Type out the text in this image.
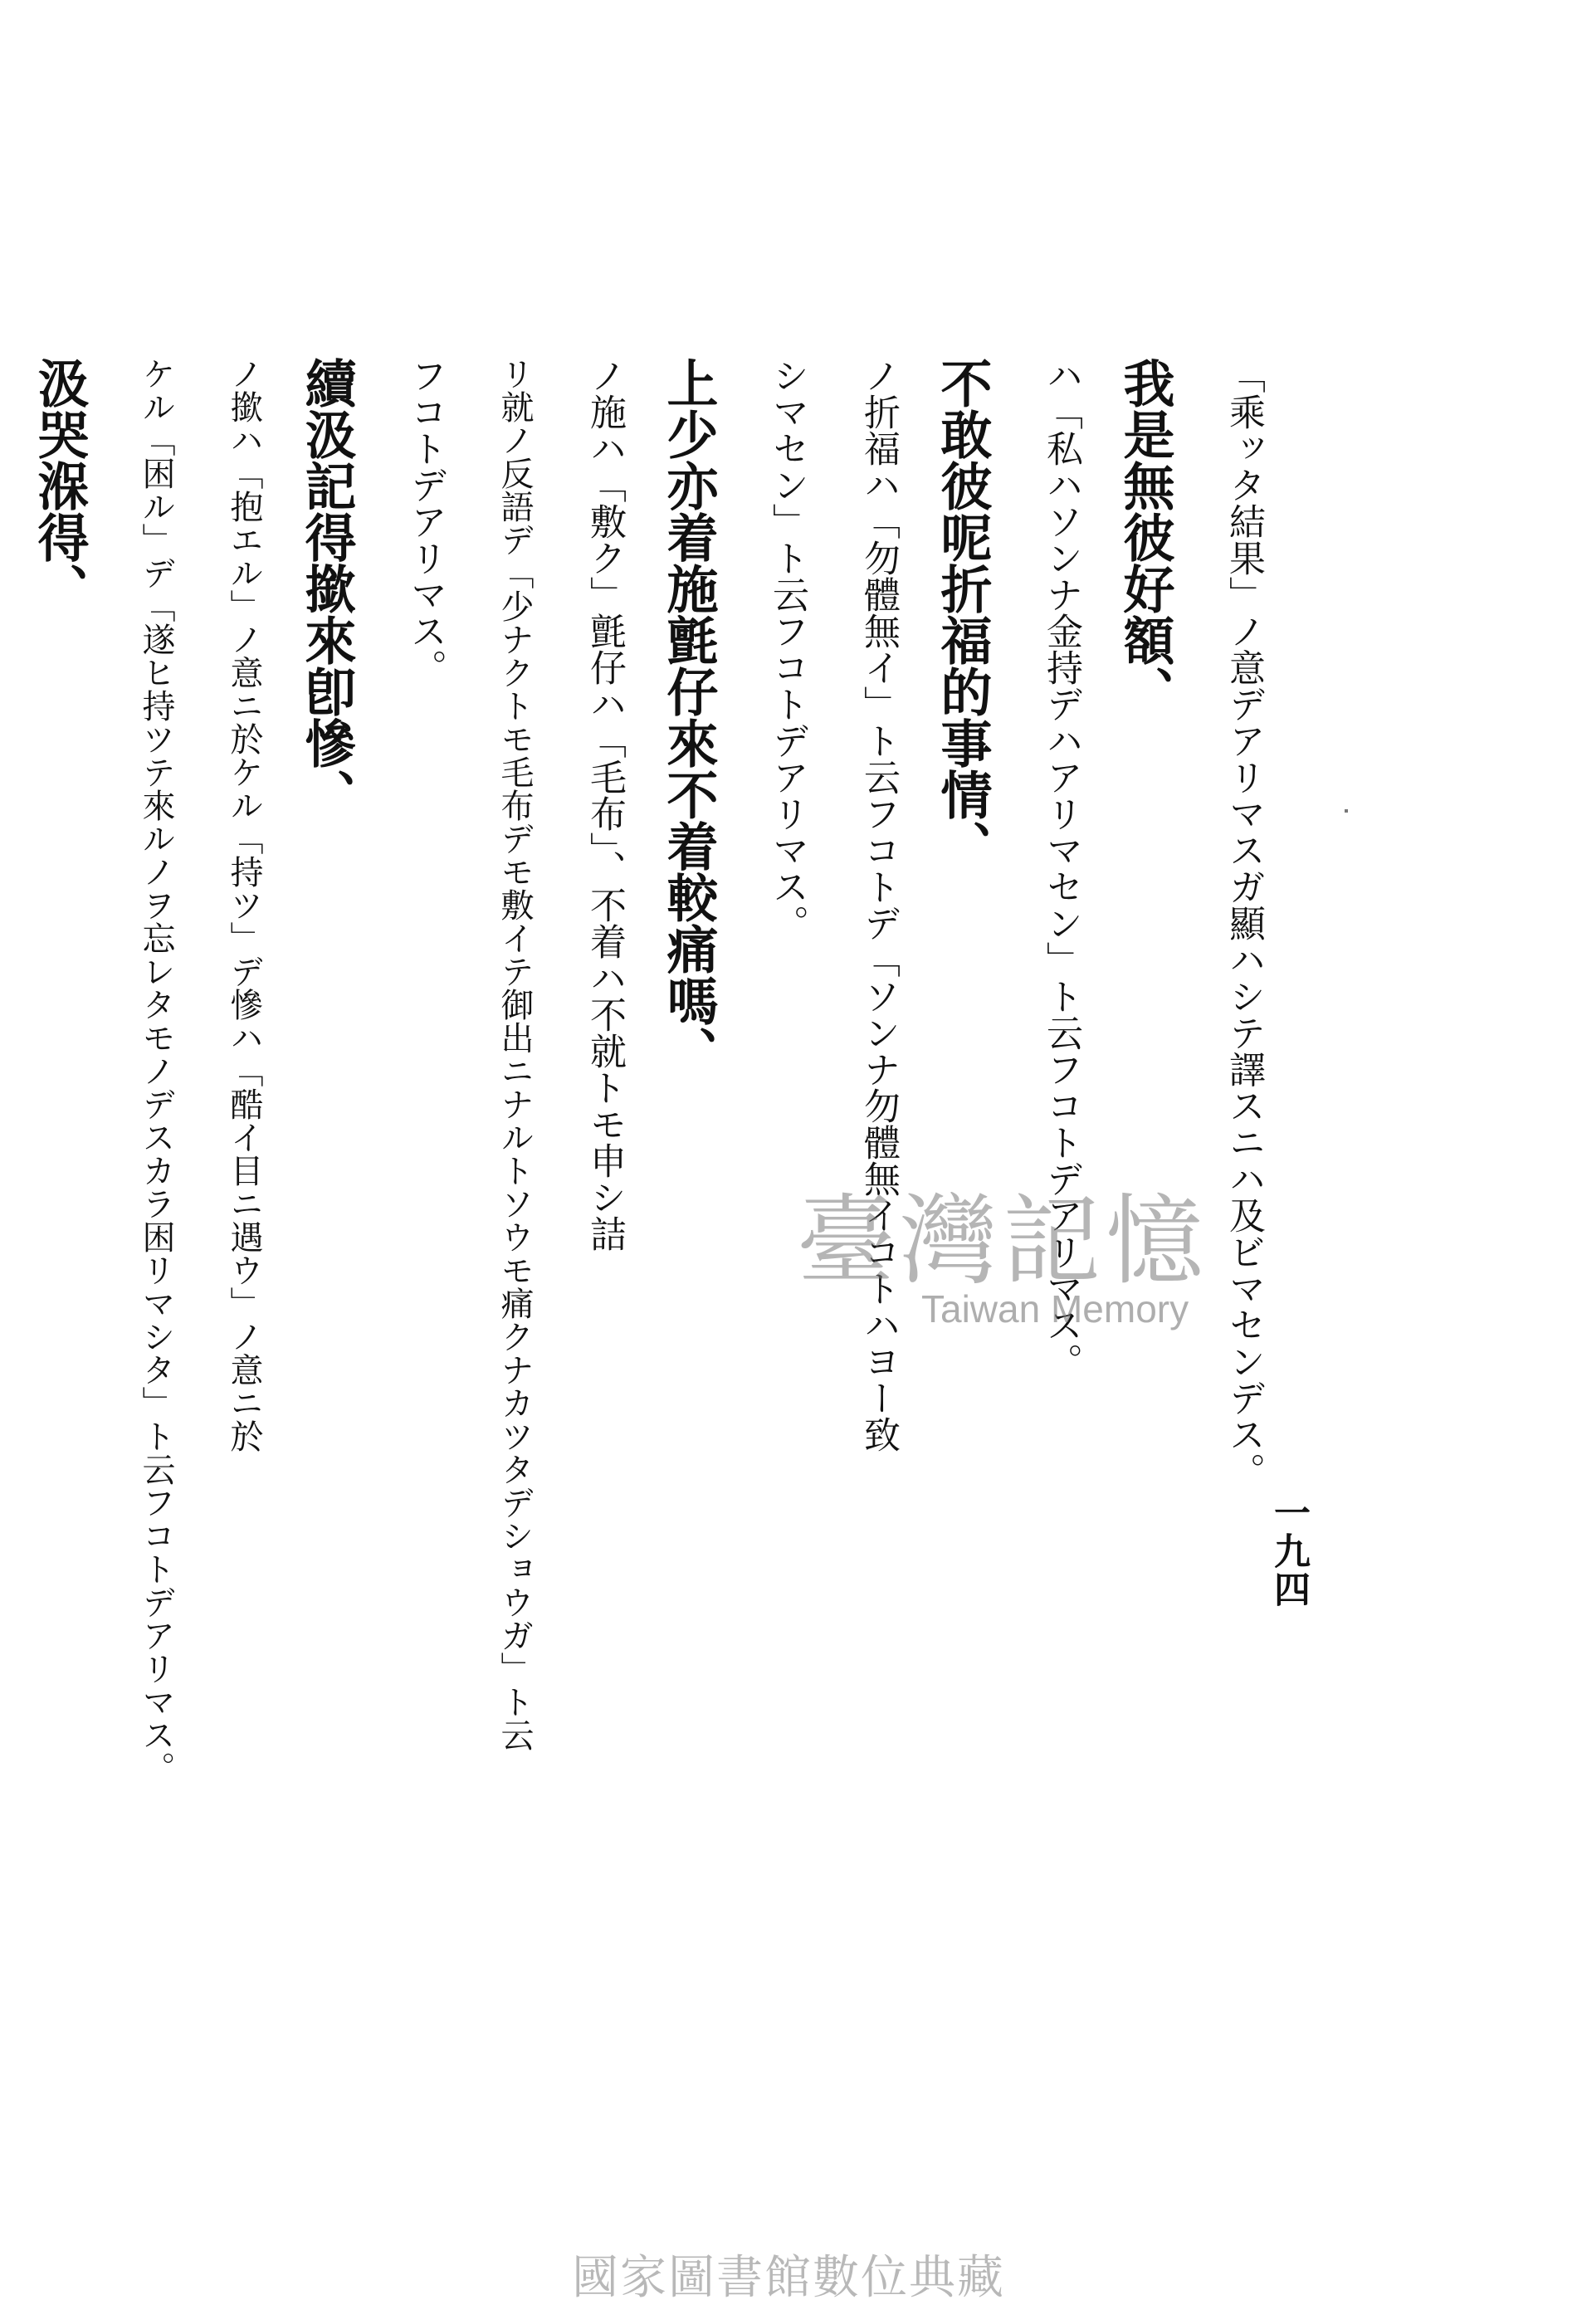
一九四

「乘ッタ結果」ノ意デアリマスガ顯ハシテ譯スニハ及ビマセンデス。

我是無彼好額、

ハ「私ハソンナ金持デハアリマセン」ト云フコトデアリマス。

不敢彼呢折福的事情、

ノ折福ハ「勿體無イ」ト云フコトデ「ソンナ勿體無イコトハヨー致

シマセン」ト云フコトデアリマス。

上少亦着施氈仔來不着較痛嗎、

ノ施ハ「敷ク」氈仔ハ「毛布」、不着ハ不就トモ申シ詰

リ就ノ反語デ「少ナクトモ毛布デモ敷イテ御出ニナルトソウモ痛クナカツタデショウガ」ト云

フコトデアリマス。

續汲記得撳來卽慘、

ノ撳ハ「抱エル」ノ意ニ於ケル「持ツ」デ慘ハ「酷イ目ニ遇ウ」ノ意ニ於

ケル「困ル」デ「遂ヒ持ツテ來ルノヲ忘レタモノデスカラ困リマシタ」ト云フコトデアリマス。

汲哭湺得、

臺灣記憶
Taiwan Memory
國家圖書館數位典藏
